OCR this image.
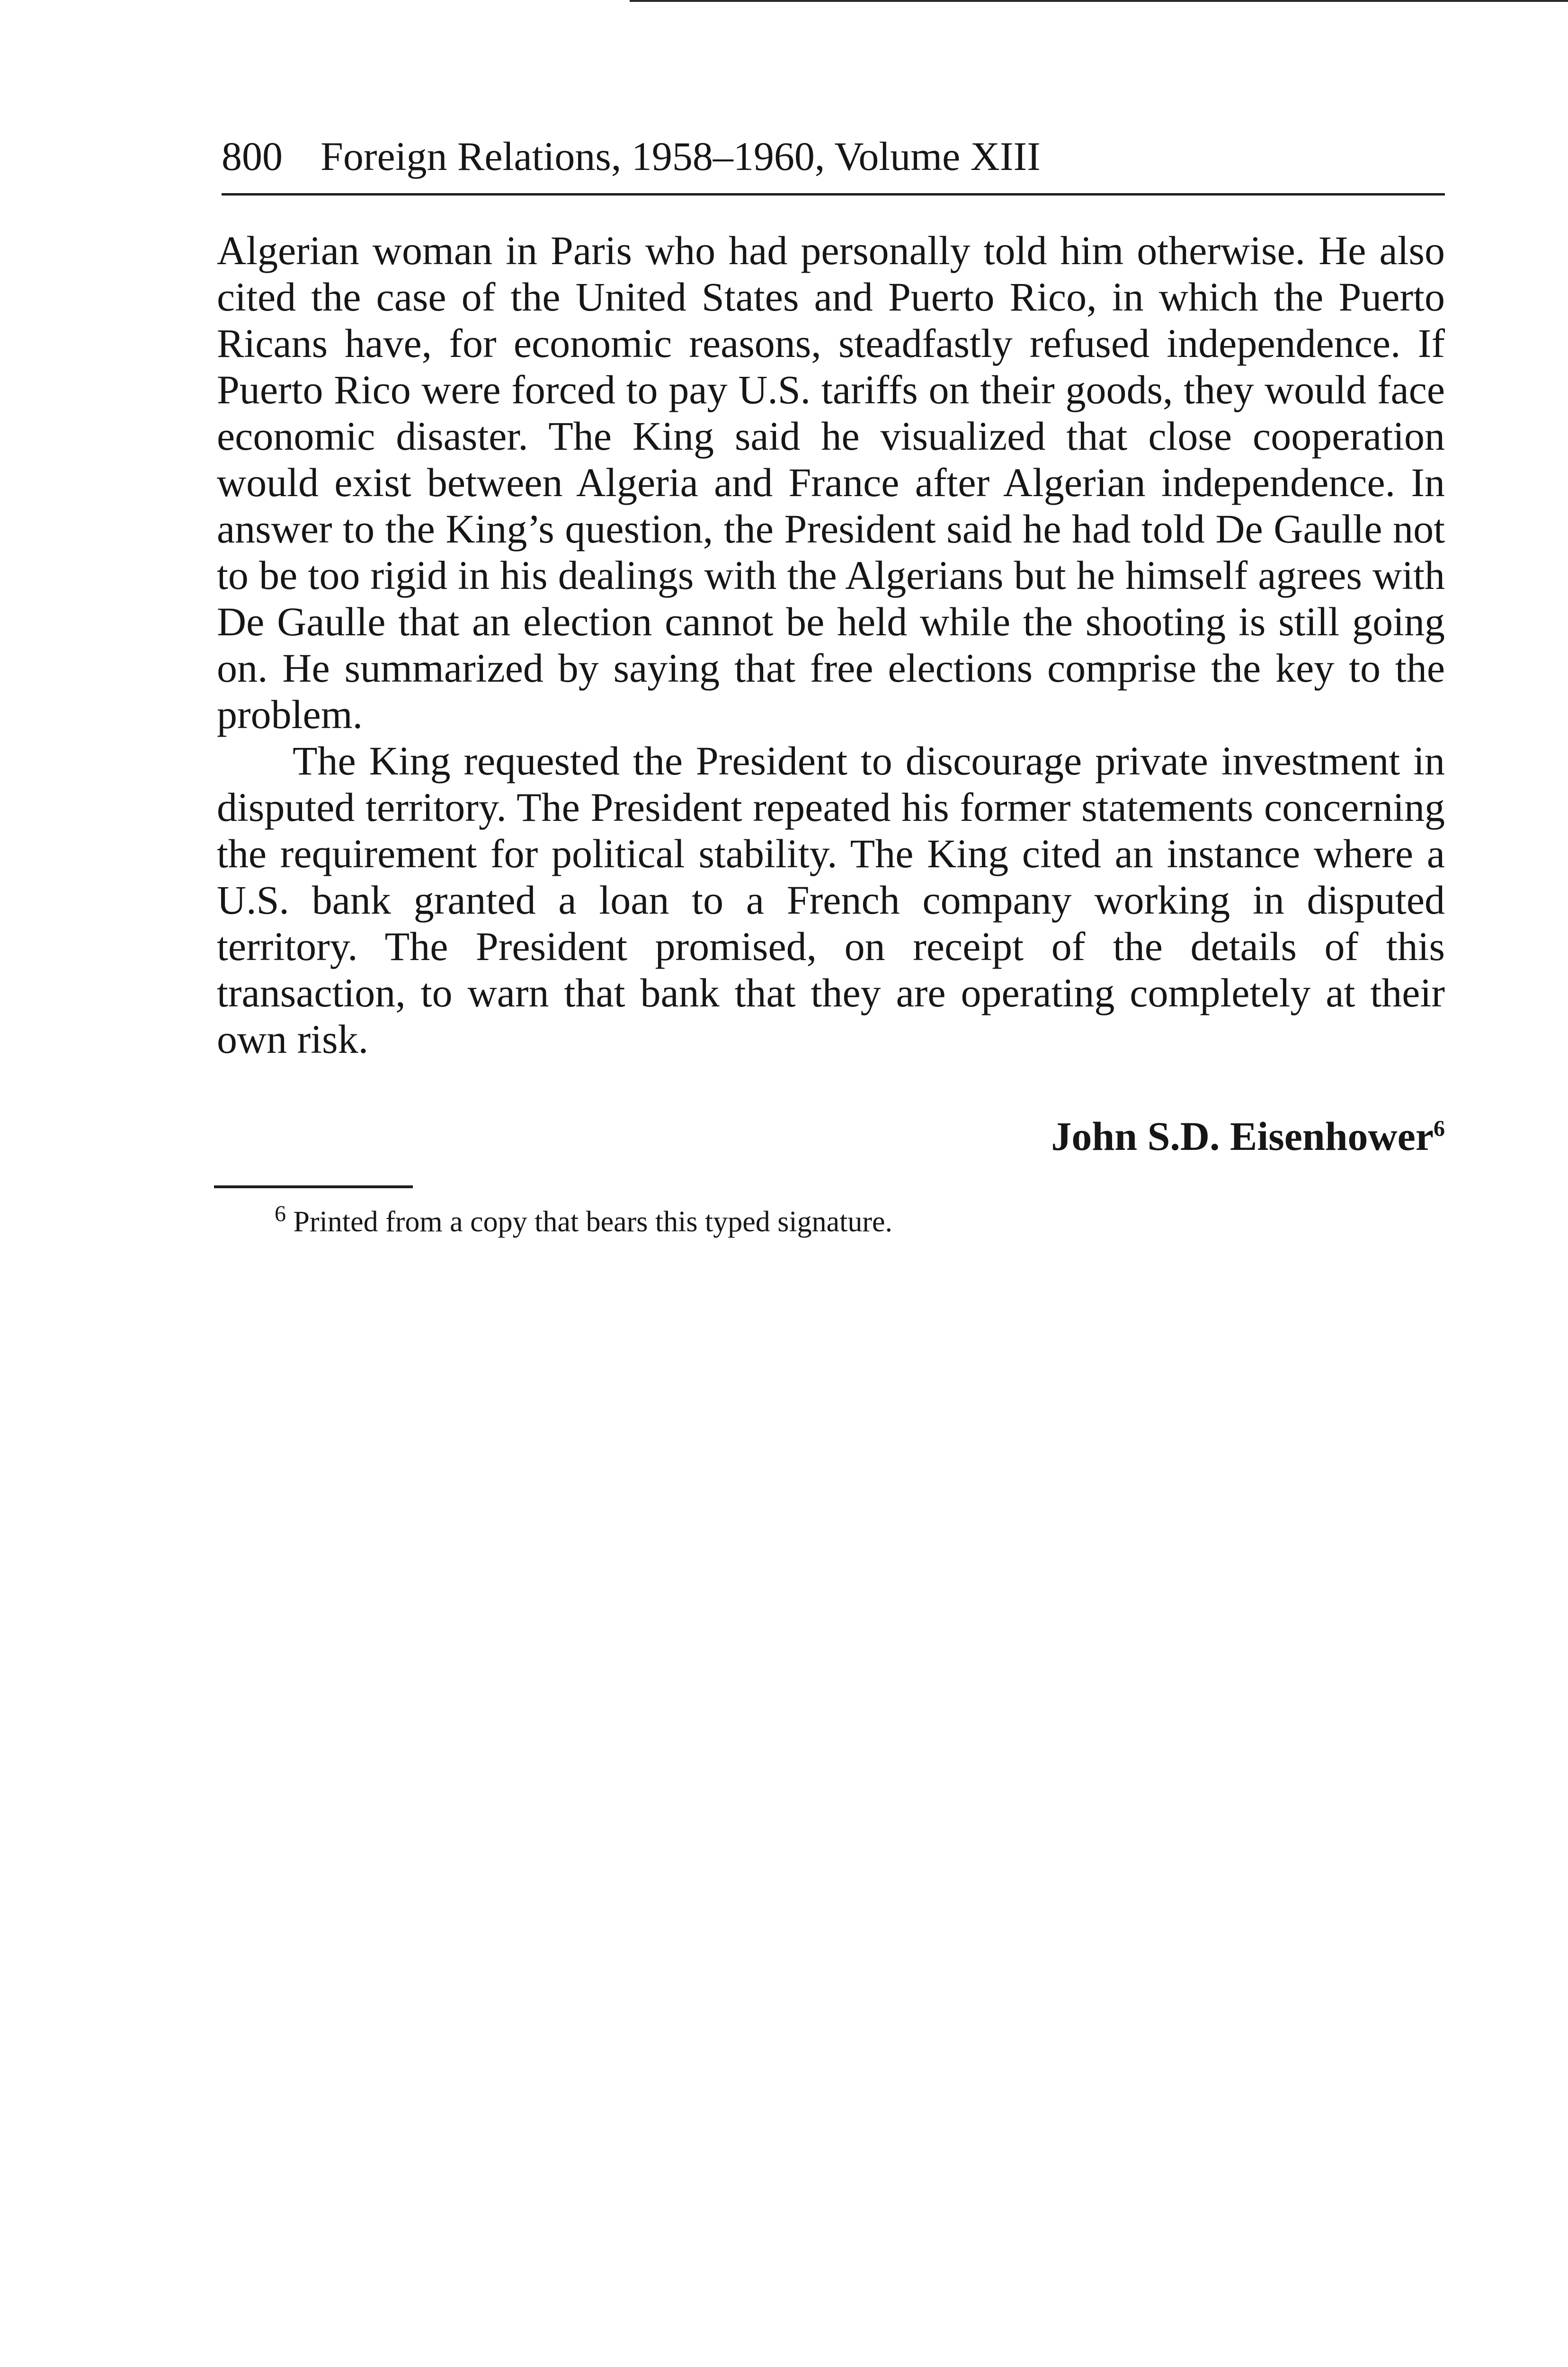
800 Foreign Relations, 1958–1960, Volume XIII

Algerian woman in Paris who had personally told him otherwise. He also cited the case of the United States and Puerto Rico, in which the Puerto Ricans have, for economic reasons, steadfastly refused independence. If Puerto Rico were forced to pay U.S. tariffs on their goods, they would face economic disaster. The King said he visualized that close cooperation would exist between Algeria and France after Algerian independence. In answer to the King’s question, the President said he had told De Gaulle not to be too rigid in his dealings with the Algerians but he himself agrees with De Gaulle that an election cannot be held while the shooting is still going on. He summarized by saying that free elections comprise the key to the problem.

The King requested the President to discourage private investment in disputed territory. The President repeated his former statements concerning the requirement for political stability. The King cited an instance where a U.S. bank granted a loan to a French company working in disputed territory. The President promised, on receipt of the details of this transaction, to warn that bank that they are operating completely at their own risk.

John S.D. Eisenhower$^6$
$^6$ Printed from a copy that bears this typed signature.
